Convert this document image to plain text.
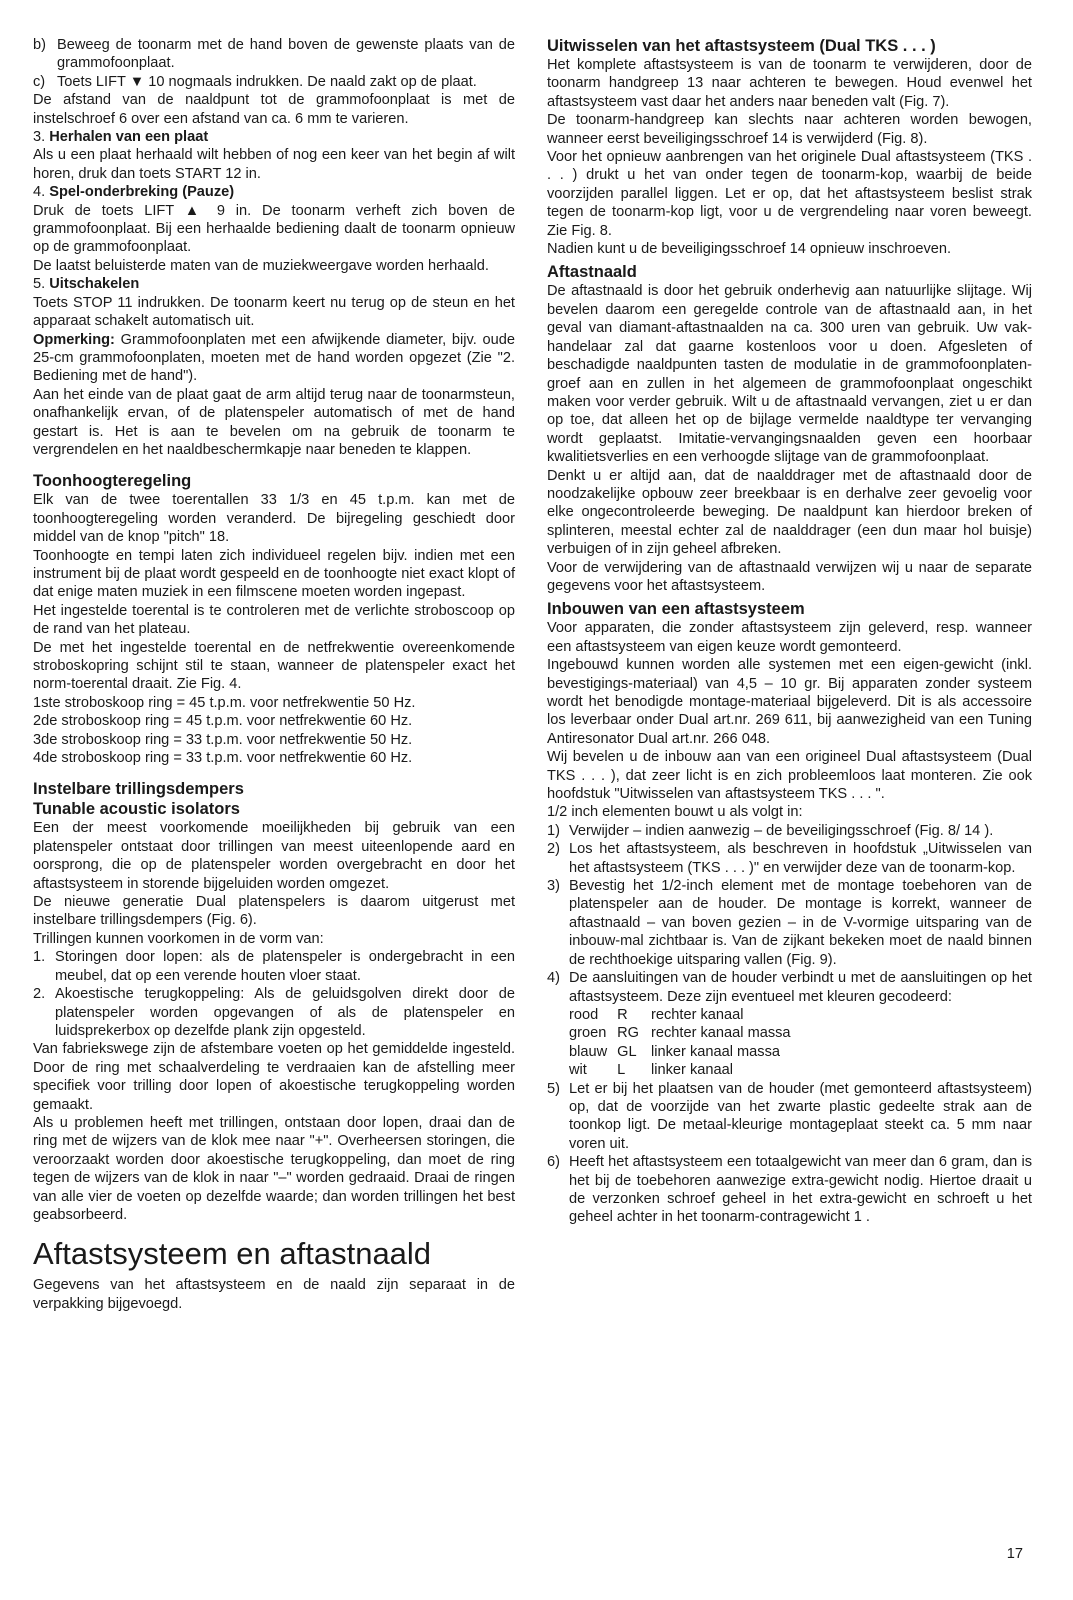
b) Beweeg de toonarm met de hand boven de gewenste plaats van de grammofoonplaat.
c) Toets LIFT ▼ 10 nogmaals indrukken. De naald zakt op de plaat.

De afstand van de naaldpunt tot de grammofoonplaat is met de instelschroef 6 over een afstand van ca. 6 mm te varieren.

3. Herhalen van een plaat

Als u een plaat herhaald wilt hebben of nog een keer van het begin af wilt horen, druk dan toets START 12 in.

4. Spel-onderbreking (Pauze)

Druk de toets LIFT ▲ 9 in. De toonarm verheft zich boven de grammofoonplaat. Bij een herhaalde bediening daalt de toonarm opnieuw op de grammofoonplaat.

De laatst beluisterde maten van de muziekweergave worden herhaald.

5. Uitschakelen

Toets STOP 11 indrukken. De toonarm keert nu terug op de steun en het apparaat schakelt automatisch uit.

Opmerking: Grammofoonplaten met een afwijkende diameter, bijv. oude 25-cm grammofoonplaten, moeten met de hand worden opgezet (Zie "2. Bediening met de hand").

Aan het einde van de plaat gaat de arm altijd terug naar de toonarmsteun, onafhankelijk ervan, of de platenspeler automatisch of met de hand gestart is. Het is aan te bevelen om na gebruik de toonarm te vergrendelen en het naaldbeschermkapje naar beneden te klappen.

Toonhoogteregeling

Elk van de twee toerentallen 33 1/3 en 45 t.p.m. kan met de toonhoogteregeling worden veranderd. De bijregeling geschiedt door middel van de knop "pitch" 18.

Toonhoogte en tempi laten zich individueel regelen bijv. indien met een instrument bij de plaat wordt gespeeld en de toonhoogte niet exact klopt of dat enige maten muziek in een filmscene moeten worden ingepast.

Het ingestelde toerental is te controleren met de verlichte stroboscoop op de rand van het plateau.

De met het ingestelde toerental en de netfrekwentie overeenkomende stroboskopring schijnt stil te staan, wanneer de platenspeler exact het norm-toerental draait. Zie Fig. 4.

1ste stroboskoop ring = 45 t.p.m. voor netfrekwentie 50 Hz.

2de stroboskoop ring = 45 t.p.m. voor netfrekwentie 60 Hz.

3de stroboskoop ring = 33 t.p.m. voor netfrekwentie 50 Hz.

4de stroboskoop ring = 33 t.p.m. voor netfrekwentie 60 Hz.

Instelbare trillingsdempers

Tunable acoustic isolators

Een der meest voorkomende moeilijkheden bij gebruik van een platenspeler ontstaat door trillingen van meest uiteenlopende aard en oorsprong, die op de platenspeler worden overgebracht en door het aftastsysteem in storende bijgeluiden worden omgezet.

De nieuwe generatie Dual platenspelers is daarom uitgerust met instelbare trillingsdempers (Fig. 6).

Trillingen kunnen voorkomen in de vorm van:

1. Storingen door lopen: als de platenspeler is ondergebracht in een meubel, dat op een verende houten vloer staat.
2. Akoestische terugkoppeling: Als de geluidsgolven direkt door de platenspeler worden opgevangen of als de platenspeler en luidsprekerbox op dezelfde plank zijn opgesteld.

Van fabriekswege zijn de afstembare voeten op het gemiddelde ingesteld. Door de ring met schaalverdeling te verdraaien kan de afstelling meer specifiek voor trilling door lopen of akoestische terugkoppeling worden gemaakt.

Als u problemen heeft met trillingen, ontstaan door lopen, draai dan de ring met de wijzers van de klok mee naar "+". Overheersen storingen, die veroorzaakt worden door akoestische terugkoppeling, dan moet de ring tegen de wijzers van de klok in naar "–" worden gedraaid. Draai de ringen van alle vier de voeten op dezelfde waarde; dan worden trillingen het best geabsorbeerd.

Aftastsysteem en aftastnaald

Gegevens van het aftastsysteem en de naald zijn separaat in de verpakking bijgevoegd.

Uitwisselen van het aftastsysteem (Dual TKS . . . )

Het komplete aftastsysteem is van de toonarm te verwijderen, door de toonarm handgreep 13 naar achteren te bewegen. Houd evenwel het aftastsysteem vast daar het anders naar beneden valt (Fig. 7).

De toonarm-handgreep kan slechts naar achteren worden bewogen, wanneer eerst beveiligingsschroef 14 is verwijderd (Fig. 8).

Voor het opnieuw aanbrengen van het originele Dual aftastsysteem (TKS . . . ) drukt u het van onder tegen de toonarm-kop, waarbij de beide voorzijden parallel liggen. Let er op, dat het aftastsysteem beslist strak tegen de toonarm-kop ligt, voor u de vergrendeling naar voren beweegt. Zie Fig. 8.

Nadien kunt u de beveiligingsschroef 14 opnieuw inschroeven.

Aftastnaald

De aftastnaald is door het gebruik onderhevig aan natuurlijke slijtage. Wij bevelen daarom een geregelde controle van de aftastnaald aan, in het geval van diamant-aftastnaalden na ca. 300 uren van gebruik. Uw vak-handelaar zal dat gaarne kostenloos voor u doen. Afgesleten of beschadigde naaldpunten tasten de modulatie in de grammofoonplaten-groef aan en zullen in het algemeen de grammofoonplaat ongeschikt maken voor verder gebruik. Wilt u de aftastnaald vervangen, ziet u er dan op toe, dat alleen het op de bijlage vermelde naaldtype ter vervanging wordt geplaatst. Imitatie-vervangingsnaalden geven een hoorbaar kwalitietsverlies en een verhoogde slijtage van de grammofoonplaat.

Denkt u er altijd aan, dat de naalddrager met de aftastnaald door de noodzakelijke opbouw zeer breekbaar is en derhalve zeer gevoelig voor elke ongecontroleerde beweging. De naaldpunt kan hierdoor breken of splinteren, meestal echter zal de naalddrager (een dun maar hol buisje) verbuigen of in zijn geheel afbreken.

Voor de verwijdering van de aftastnaald verwijzen wij u naar de separate gegevens voor het aftastsysteem.

Inbouwen van een aftastsysteem

Voor apparaten, die zonder aftastsysteem zijn geleverd, resp. wanneer een aftastsysteem van eigen keuze wordt gemonteerd.

Ingebouwd kunnen worden alle systemen met een eigen-gewicht (inkl. bevestigings-materiaal) van 4,5 – 10 gr. Bij apparaten zonder systeem wordt het benodigde montage-materiaal bijgeleverd. Dit is als accessoire los leverbaar onder Dual art.nr. 269 611, bij aanwezigheid van een Tuning Antiresonator Dual art.nr. 266 048.

Wij bevelen u de inbouw aan van een origineel Dual aftastsysteem (Dual TKS . . . ), dat zeer licht is en zich probleemloos laat monteren. Zie ook hoofdstuk "Uitwisselen van aftastsysteem TKS . . . ".

1/2 inch elementen bouwt u als volgt in:

1) Verwijder – indien aanwezig – de beveiligingsschroef (Fig. 8/ 14 ).
2) Los het aftastsysteem, als beschreven in hoofdstuk „Uitwisselen van het aftastsysteem (TKS . . . )" en verwijder deze van de toonarm-kop.
3) Bevestig het 1/2-inch element met de montage toebehoren van de platenspeler aan de houder. De montage is korrekt, wanneer de aftastnaald – van boven gezien – in de V-vormige uitsparing van de inbouw-mal zichtbaar is. Van de zijkant bekeken moet de naald binnen de rechthoekige uitsparing vallen (Fig. 9).
4) De aansluitingen van de houder verbindt u met de aansluitingen op het aftastsysteem. Deze zijn eventueel met kleuren gecodeerd:
rood	R	rechter kanaal
groen	RG	rechter kanaal massa
blauw	GL	linker kanaal massa
wit	L	linker kanaal
5) Let er bij het plaatsen van de houder (met gemonteerd aftastsysteem) op, dat de voorzijde van het zwarte plastic gedeelte strak aan de toonkop ligt. De metaal-kleurige montageplaat steekt ca. 5 mm naar voren uit.
6) Heeft het aftastsysteem een totaalgewicht van meer dan 6 gram, dan is het bij de toebehoren aanwezige extra-gewicht nodig. Hiertoe draait u de verzonken schroef geheel in het extra-gewicht en schroeft u het geheel achter in het toonarm-contragewicht 1 .
17
